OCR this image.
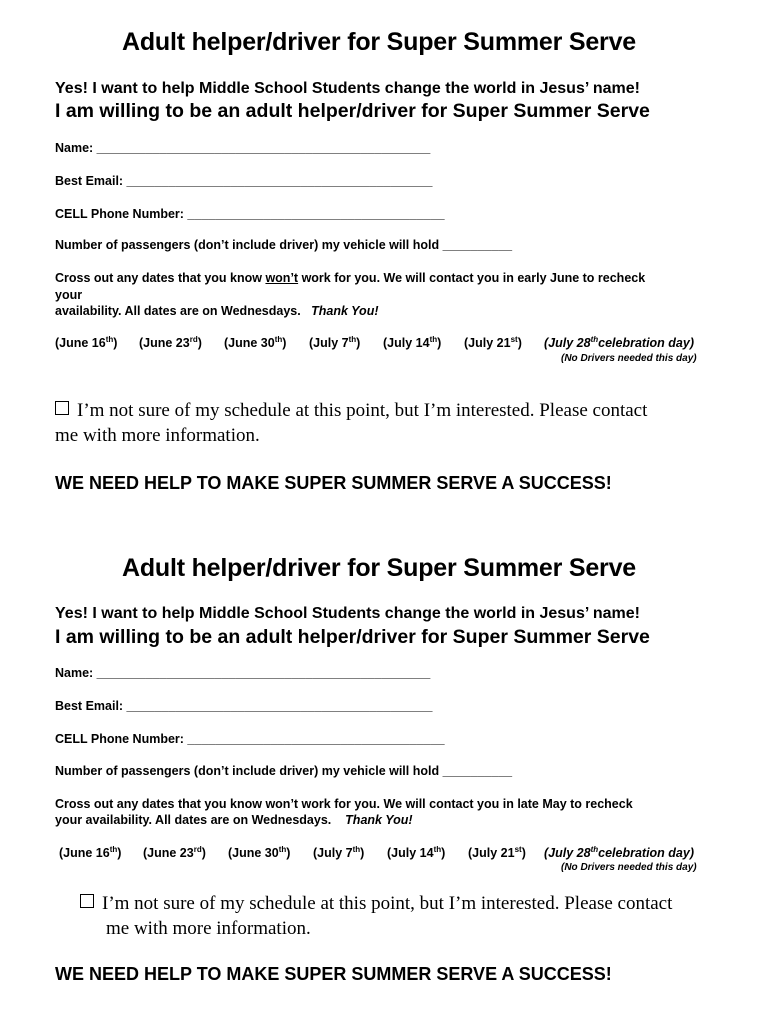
Adult helper/driver for Super Summer Serve
Yes! I want to help Middle School Students change the world in Jesus’ name!
I am willing to be an adult helper/driver for Super Summer Serve
Name: ________________________________________________
Best Email: ____________________________________________
CELL Phone Number: _____________________________________
Number of passengers (don’t include driver) my vehicle will hold __________
Cross out any dates that you know won’t work for you. We will contact you in early June to recheck
your
availability. All dates are on Wednesdays. Thank You!
(June 16th) (June 23rd) (June 30th) (July 7th) (July 14th) (July 21st) (July 28thcelebration day)
(No Drivers needed this day)
I’m not sure of my schedule at this point, but I’m interested. Please contact
me with more information.
WE NEED HELP TO MAKE SUPER SUMMER SERVE A SUCCESS!
Adult helper/driver for Super Summer Serve
Yes! I want to help Middle School Students change the world in Jesus’ name!
I am willing to be an adult helper/driver for Super Summer Serve
Name: ________________________________________________
Best Email: ____________________________________________
CELL Phone Number: _____________________________________
Number of passengers (don’t include driver) my vehicle will hold __________
Cross out any dates that you know won’t work for you. We will contact you in late May to recheck
your availability. All dates are on Wednesdays. Thank You!
(June 16th) (June 23rd) (June 30th) (July 7th) (July 14th) (July 21st) (July 28thcelebration day)
(No Drivers needed this day)
I’m not sure of my schedule at this point, but I’m interested. Please contact
me with more information.
WE NEED HELP TO MAKE SUPER SUMMER SERVE A SUCCESS!
